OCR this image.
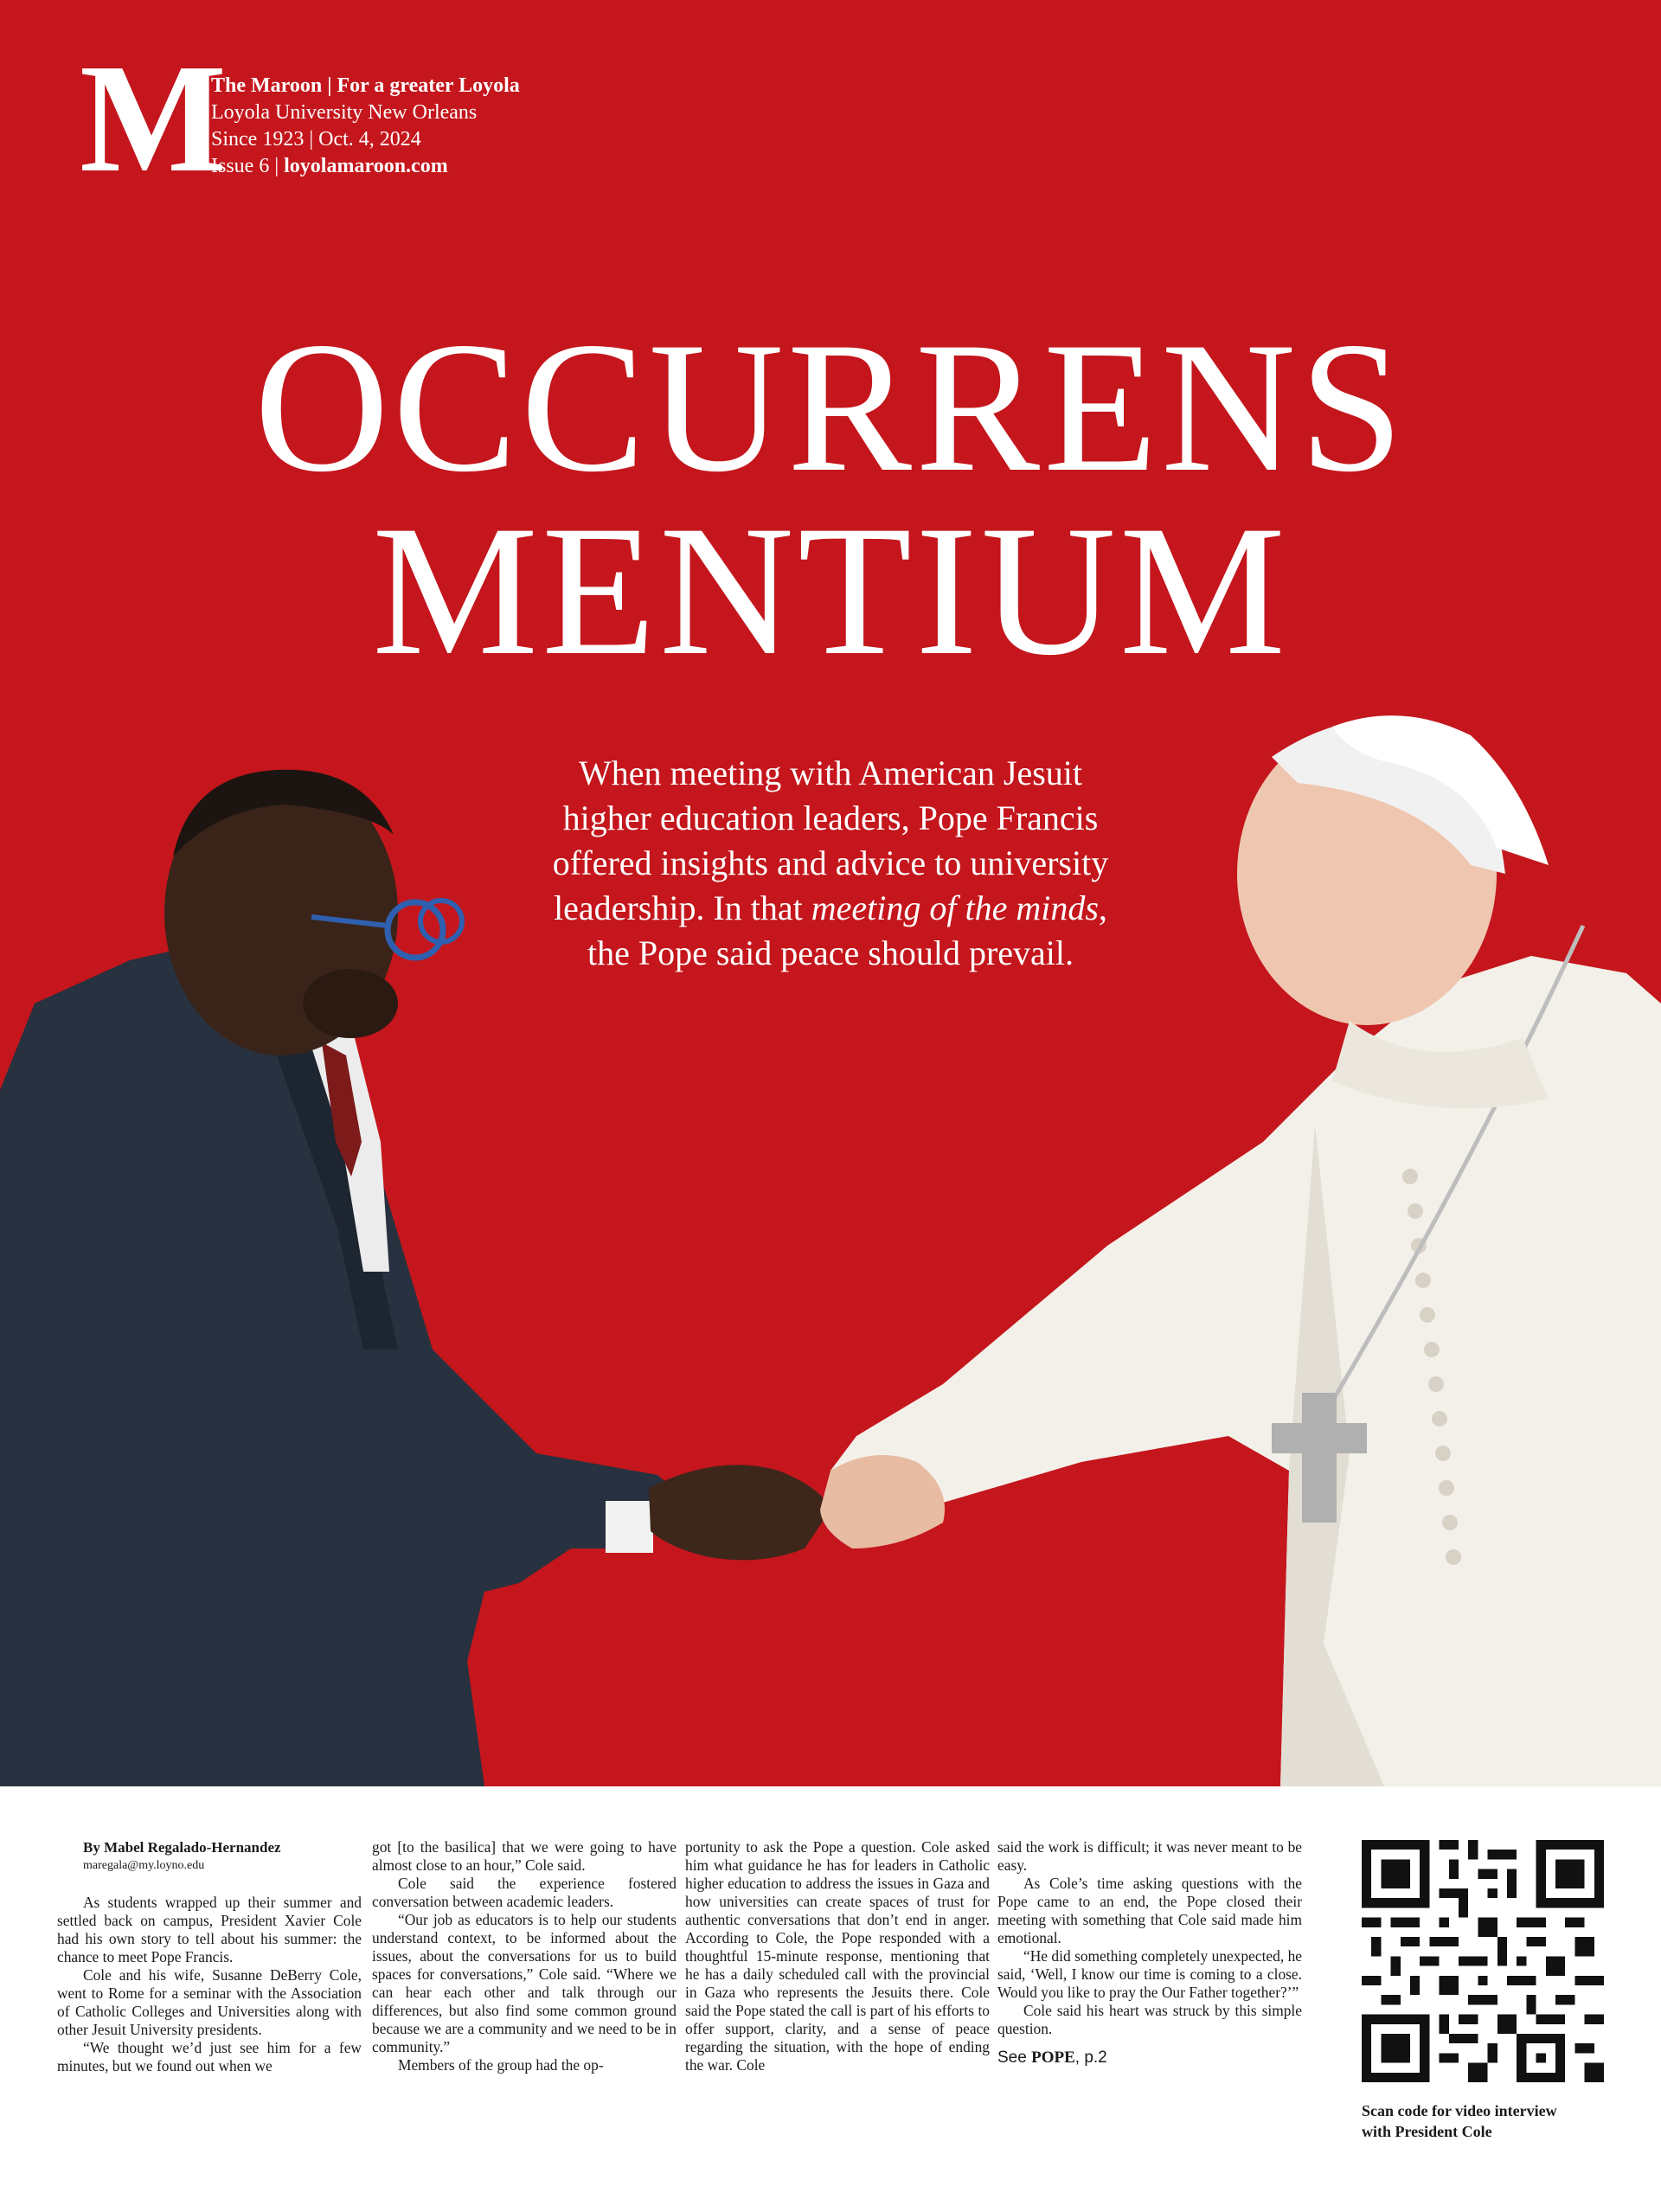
M
The Maroon | For a greater Loyola
Loyola University New Orleans
Since 1923 | Oct. 4, 2024
Issue 6 | loyolamaroon.com
OCCURRENS
MENTIUM
When meeting with American Jesuit higher education leaders, Pope Francis offered insights and advice to university leadership. In that meeting of the minds, the Pope said peace should prevail.

By Mabel Regalado-Hernandez

maregala@my.loyno.edu

As students wrapped up their summer and settled back on campus, President Xavier Cole had his own story to tell about his summer: the chance to meet Pope Francis.

Cole and his wife, Susanne DeBerry Cole, went to Rome for a seminar with the Association of Catholic Colleges and Universities along with other Jesuit University presidents.

“We thought we’d just see him for a few minutes, but we found out when we

got [to the basilica] that we were going to have almost close to an hour,” Cole said.

Cole said the experience fostered conversation between academic leaders.

“Our job as educators is to help our students understand context, to be informed about the issues, about the conversations for us to build spaces for conversations,” Cole said. “Where we can hear each other and talk through our differences, but also find some common ground because we are a community and we need to be in community.”

Members of the group had the op-

portunity to ask the Pope a question. Cole asked him what guidance he has for leaders in Catholic higher education to address the issues in Gaza and how universities can create spaces of trust for authentic conversations that don’t end in anger. According to Cole, the Pope responded with a thoughtful 15-minute response, mentioning that he has a daily scheduled call with the provincial in Gaza who represents the Jesuits there. Cole said the Pope stated the call is part of his efforts to offer support, clarity, and a sense of peace regarding the situation, with the hope of ending the war. Cole

said the work is difficult; it was never meant to be easy.

As Cole’s time asking questions with the Pope came to an end, the Pope closed their meeting with something that Cole said made him emotional.

“He did something completely unexpected, he said, ‘Well, I know our time is coming to a close. Would you like to pray the Our Father together?’”

Cole said his heart was struck by this simple question.

See POPE, p.2
Scan code for video interview
with President Cole
